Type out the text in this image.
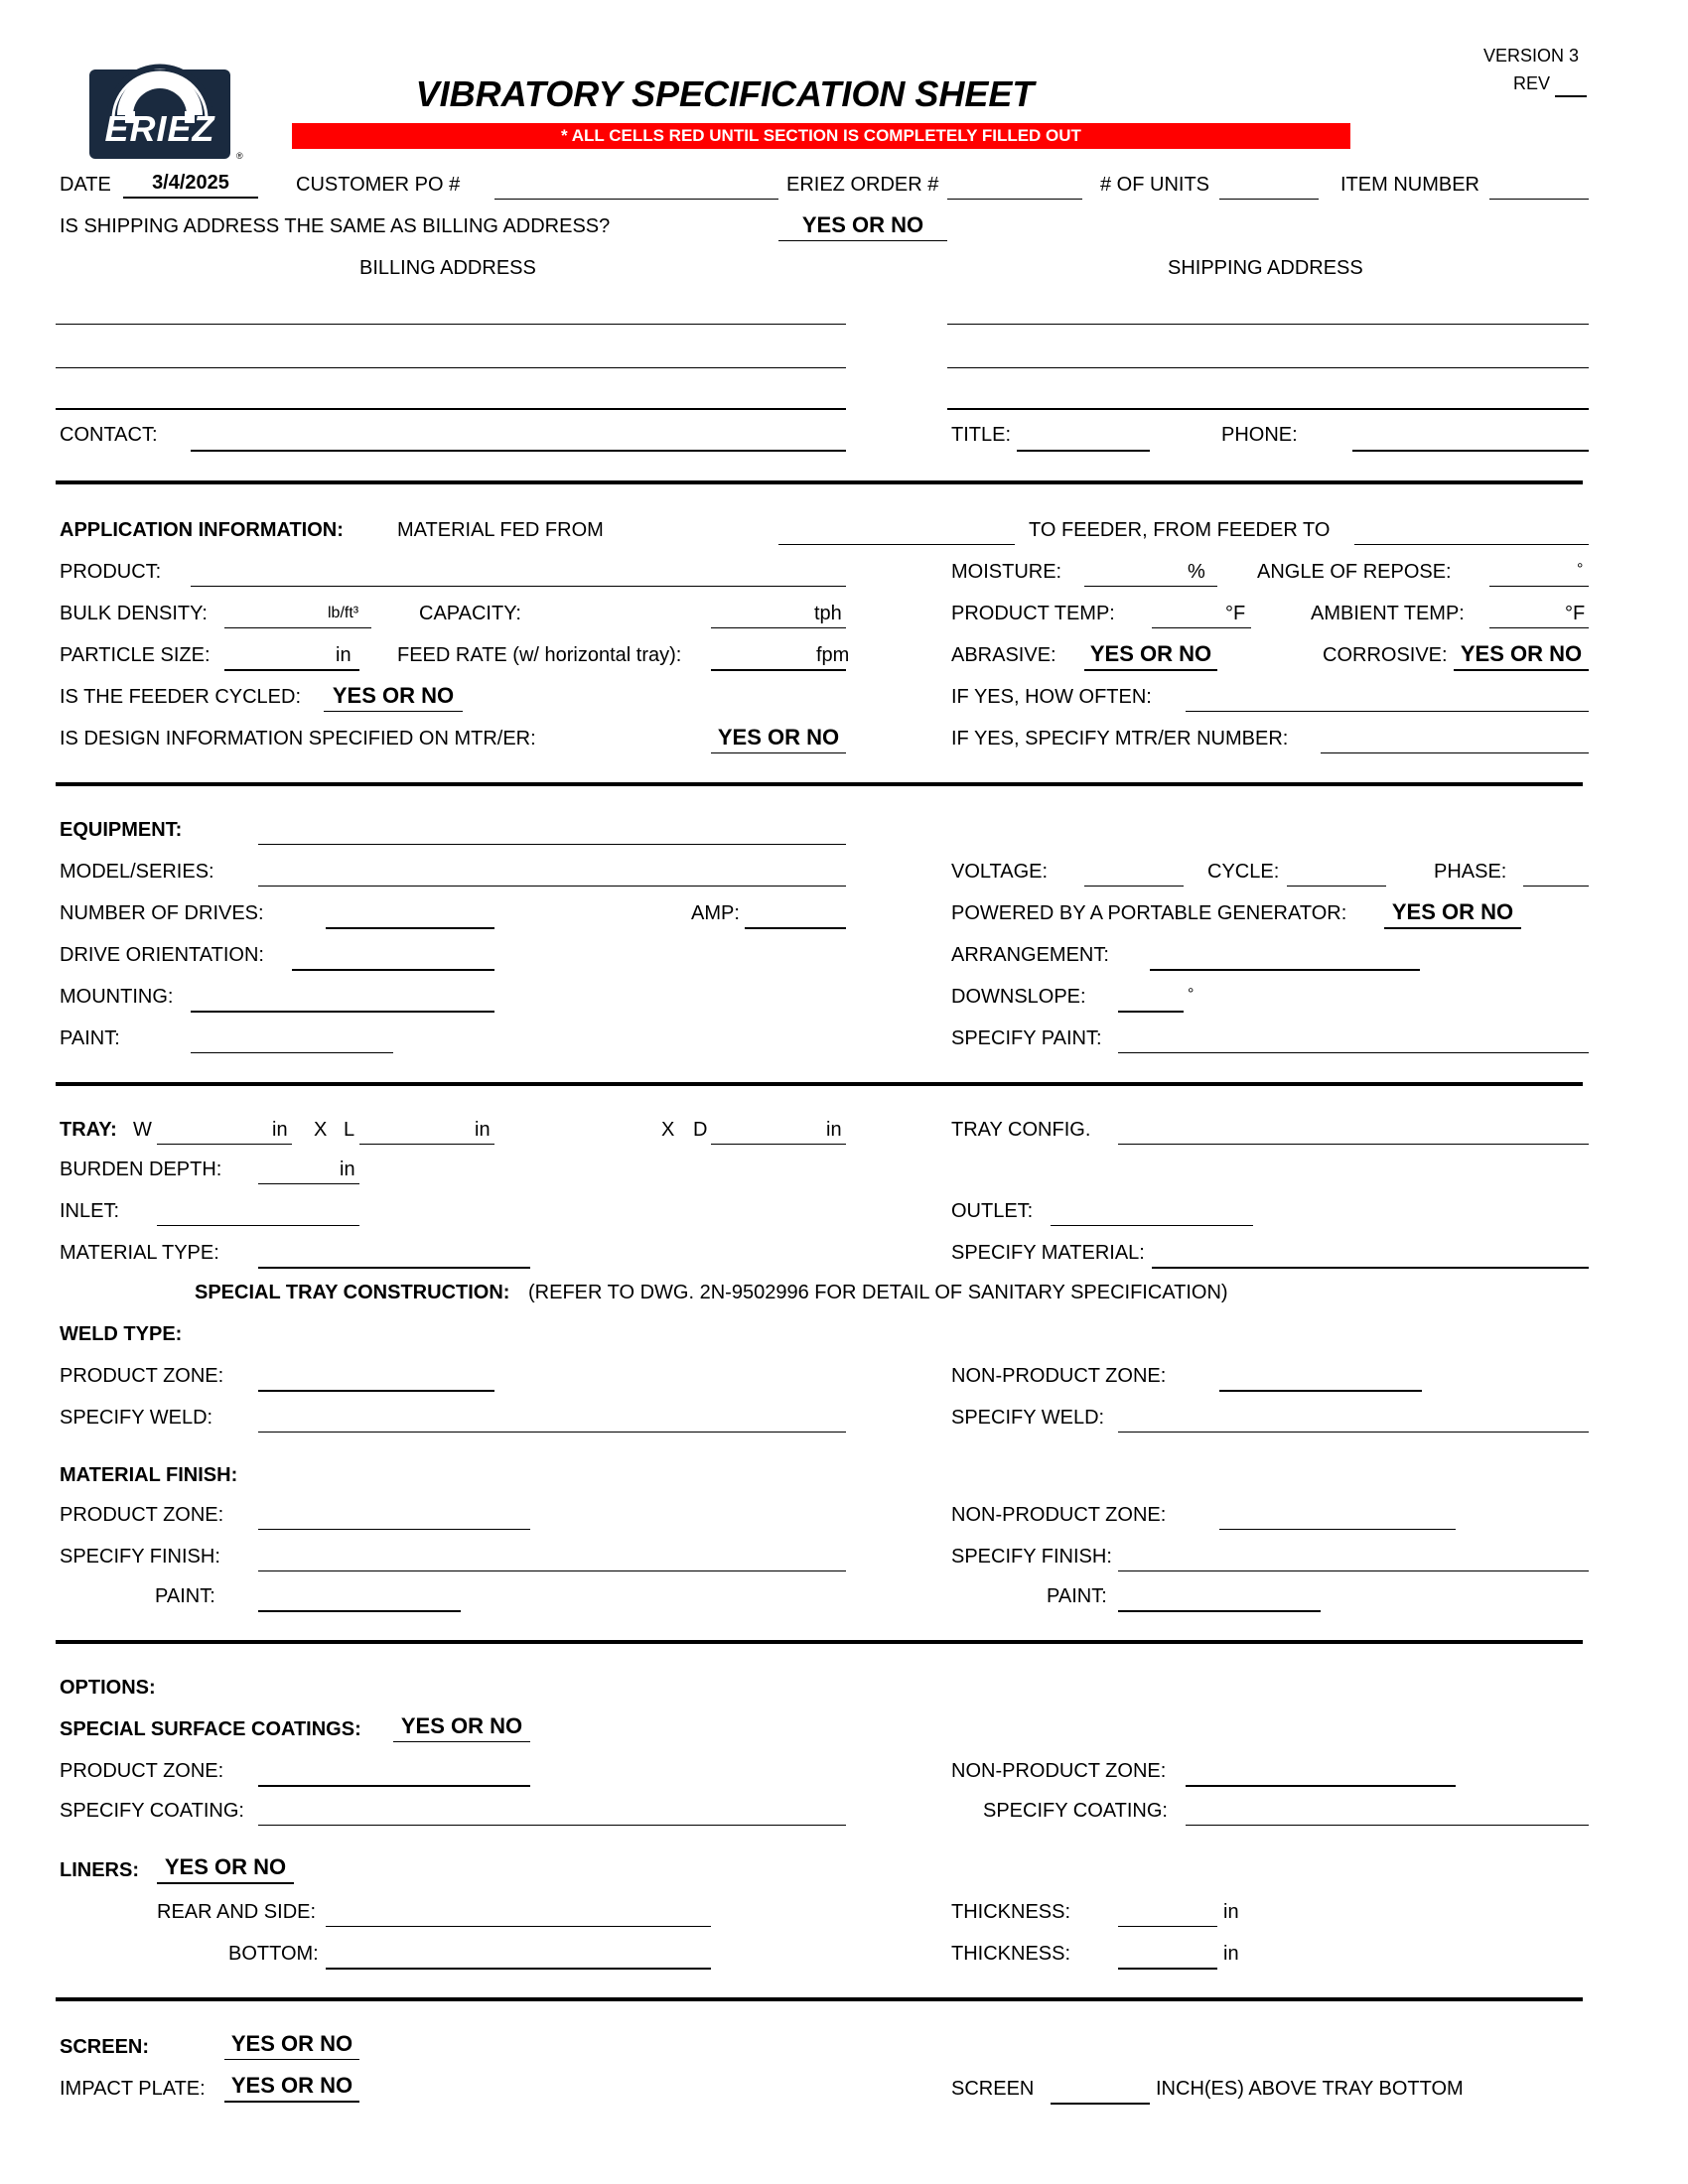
®
ERIEZ
VIBRATORY SPECIFICATION SHEET
* ALL CELLS RED UNTIL SECTION IS COMPLETELY FILLED OUT
VERSION 3
REV
DATE	3/4/2025	CUSTOMER PO #	ERIEZ ORDER #	# OF UNITS	ITEM NUMBER
IS SHIPPING ADDRESS THE SAME AS BILLING ADDRESS?	YES OR NO
BILLING ADDRESS	SHIPPING ADDRESS
CONTACT:	TITLE:	PHONE:
APPLICATION INFORMATION:	MATERIAL FED FROM	TO FEEDER, FROM FEEDER TO
PRODUCT:	MOISTURE:	%	ANGLE OF REPOSE:	°
BULK DENSITY:	lb/ft³	CAPACITY:	tph	PRODUCT TEMP:	°F	AMBIENT TEMP:	°F
PARTICLE SIZE:	in FEED RATE (w/ horizontal tray):	fpm	ABRASIVE: YES OR NO	CORROSIVE: YES OR NO
IS THE FEEDER CYCLED:	YES OR NO	IF YES, HOW OFTEN:
IS DESIGN INFORMATION SPECIFIED ON MTR/ER:	YES OR NO	IF YES, SPECIFY MTR/ER NUMBER:
EQUIPMENT:
MODEL/SERIES:	VOLTAGE:	CYCLE:	PHASE:
NUMBER OF DRIVES:	AMP:	POWERED BY A PORTABLE GENERATOR:	YES OR NO
DRIVE ORIENTATION:	ARRANGEMENT:
MOUNTING:	DOWNSLOPE:	°
PAINT:	SPECIFY PAINT:
TRAY: W	in X L	in	X D	in	TRAY CONFIG.
BURDEN DEPTH:	in
INLET:	OUTLET:
MATERIAL TYPE:	SPECIFY MATERIAL:
SPECIAL TRAY CONSTRUCTION: (REFER TO DWG. 2N-9502996 FOR DETAIL OF SANITARY SPECIFICATION)
WELD TYPE:
PRODUCT ZONE:	NON-PRODUCT ZONE:
SPECIFY WELD:	SPECIFY WELD:
MATERIAL FINISH:
PRODUCT ZONE:	NON-PRODUCT ZONE:
SPECIFY FINISH:	SPECIFY FINISH:
PAINT:	PAINT:
OPTIONS:
SPECIAL SURFACE COATINGS:	YES OR NO
PRODUCT ZONE:	NON-PRODUCT ZONE:
SPECIFY COATING:	SPECIFY COATING:
LINERS:	YES OR NO
REAR AND SIDE:	THICKNESS:	in
BOTTOM:	THICKNESS:	in
SCREEN:	YES OR NO
IMPACT PLATE:	YES OR NO	SCREEN	INCH(ES) ABOVE TRAY BOTTOM
